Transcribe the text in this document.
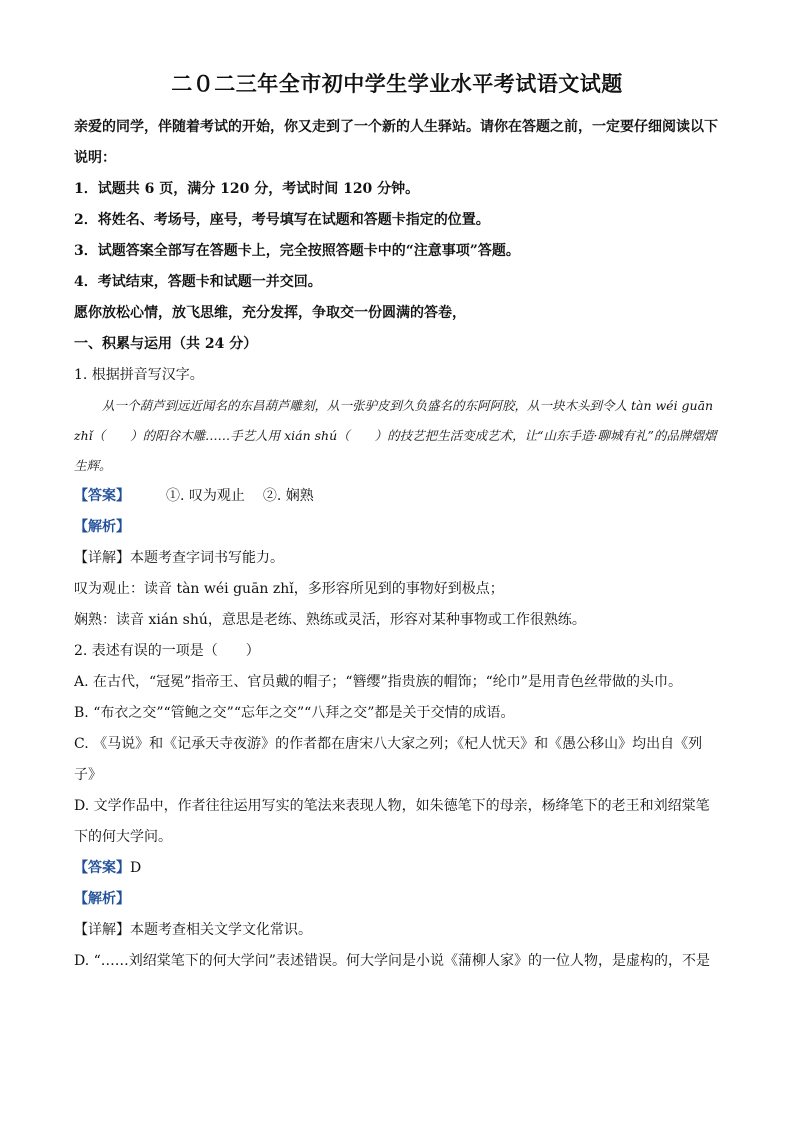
二０二三年全市初中学生学业水平考试语文试题
亲爱的同学，伴随着考试的开始，你又走到了一个新的人生驿站。请你在答题之前，一定要仔细阅读以下说明：
1．试题共 6 页，满分 120 分，考试时间 120 分钟。
2．将姓名、考场号，座号，考号填写在试题和答题卡指定的位置。
3．试题答案全部写在答题卡上，完全按照答题卡中的“注意事项”答题。
4．考试结束，答题卡和试题一并交回。
愿你放松心情，放飞思维，充分发挥，争取交一份圆满的答卷，
一、积累与运用（共 24 分）
1. 根据拼音写汉字。
从一个葫芦到远近闻名的东昌葫芦雕刻，从一张驴皮到久负盛名的东阿阿胶，从一块木头到令人 tàn wéi guān zhǐ（　　）的阳谷木雕……手艺人用 xián shú（　　）的技艺把生活变成艺术，让“山东手造·聊城有礼”的品牌熠熠生辉。
【答案】	①. 叹为观止 ②. 娴熟
【解析】
【详解】本题考查字词书写能力。
叹为观止：读音 tàn wéi guān zhǐ，多形容所见到的事物好到极点；
娴熟：读音 xián shú，意思是老练、熟练或灵活，形容对某种事物或工作很熟练。
2. 表述有误的一项是（　　）
A. 在古代，“冠冕”指帝王、官员戴的帽子；“簪缨”指贵族的帽饰；“纶巾”是用青色丝带做的头巾。
B. “布衣之交”“管鲍之交”“忘年之交”“八拜之交”都是关于交情的成语。
C. 《马说》和《记承天寺夜游》的作者都在唐宋八大家之列；《杞人忧天》和《愚公移山》均出自《列子》
D. 文学作品中，作者往往运用写实的笔法来表现人物，如朱德笔下的母亲，杨绛笔下的老王和刘绍棠笔下的何大学问。
【答案】D
【解析】
【详解】本题考查相关文学文化常识。
D. “……刘绍棠笔下的何大学问”表述错误。何大学问是小说《蒲柳人家》的一位人物，是虚构的，不是
